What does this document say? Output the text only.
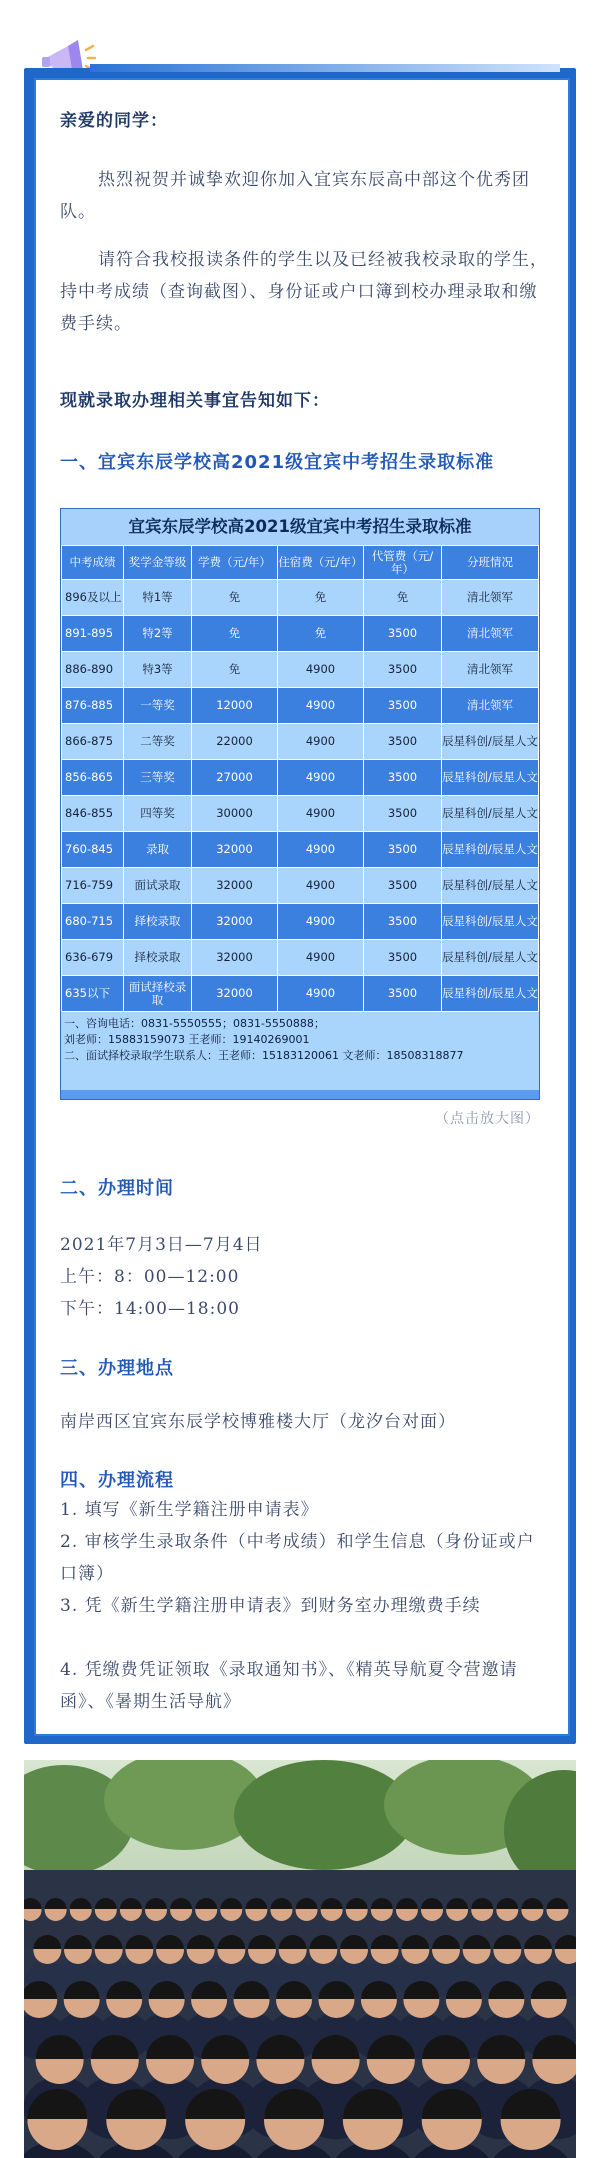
亲爱的同学：
热烈祝贺并诚挚欢迎你加入宜宾东辰高中部这个优秀团队。
请符合我校报读条件的学生以及已经被我校录取的学生，持中考成绩（查询截图）、身份证或户口簿到校办理录取和缴费手续。
现就录取办理相关事宜告知如下：
一、宜宾东辰学校高2021级宜宾中考招生录取标准
宜宾东辰学校高2021级宜宾中考招生录取标准
中考成绩	奖学金等级	学费（元/年）	住宿费（元/年）	代管费（元/年）	分班情况
896及以上	特1等	免	免	免	清北领军
891-895	特2等	免	免	3500	清北领军
886-890	特3等	免	4900	3500	清北领军
876-885	一等奖	12000	4900	3500	清北领军
866-875	二等奖	22000	4900	3500	辰星科创/辰星人文
856-865	三等奖	27000	4900	3500	辰星科创/辰星人文
846-855	四等奖	30000	4900	3500	辰星科创/辰星人文
760-845	录取	32000	4900	3500	辰星科创/辰星人文
716-759	面试录取	32000	4900	3500	辰星科创/辰星人文
680-715	择校录取	32000	4900	3500	辰星科创/辰星人文
636-679	择校录取	32000	4900	3500	辰星科创/辰星人文
635以下	面试择校录取	32000	4900	3500	辰星科创/辰星人文
一、咨询电话：0831-5550555；0831-5550888；
刘老师：15883159073 王老师：19140269001
二、面试择校录取学生联系人：王老师：15183120061 文老师：18508318877
（点击放大图）
二、办理时间
2021年7月3日—7月4日
上午：8：00—12:00
下午：14:00—18:00
三、办理地点
南岸西区宜宾东辰学校博雅楼大厅（龙汐台对面）
四、办理流程
1. 填写《新生学籍注册申请表》
2. 审核学生录取条件（中考成绩）和学生信息（身份证或户口簿）
3. 凭《新生学籍注册申请表》到财务室办理缴费手续
4. 凭缴费凭证领取《录取通知书》、《精英导航夏令营邀请函》、《暑期生活导航》
